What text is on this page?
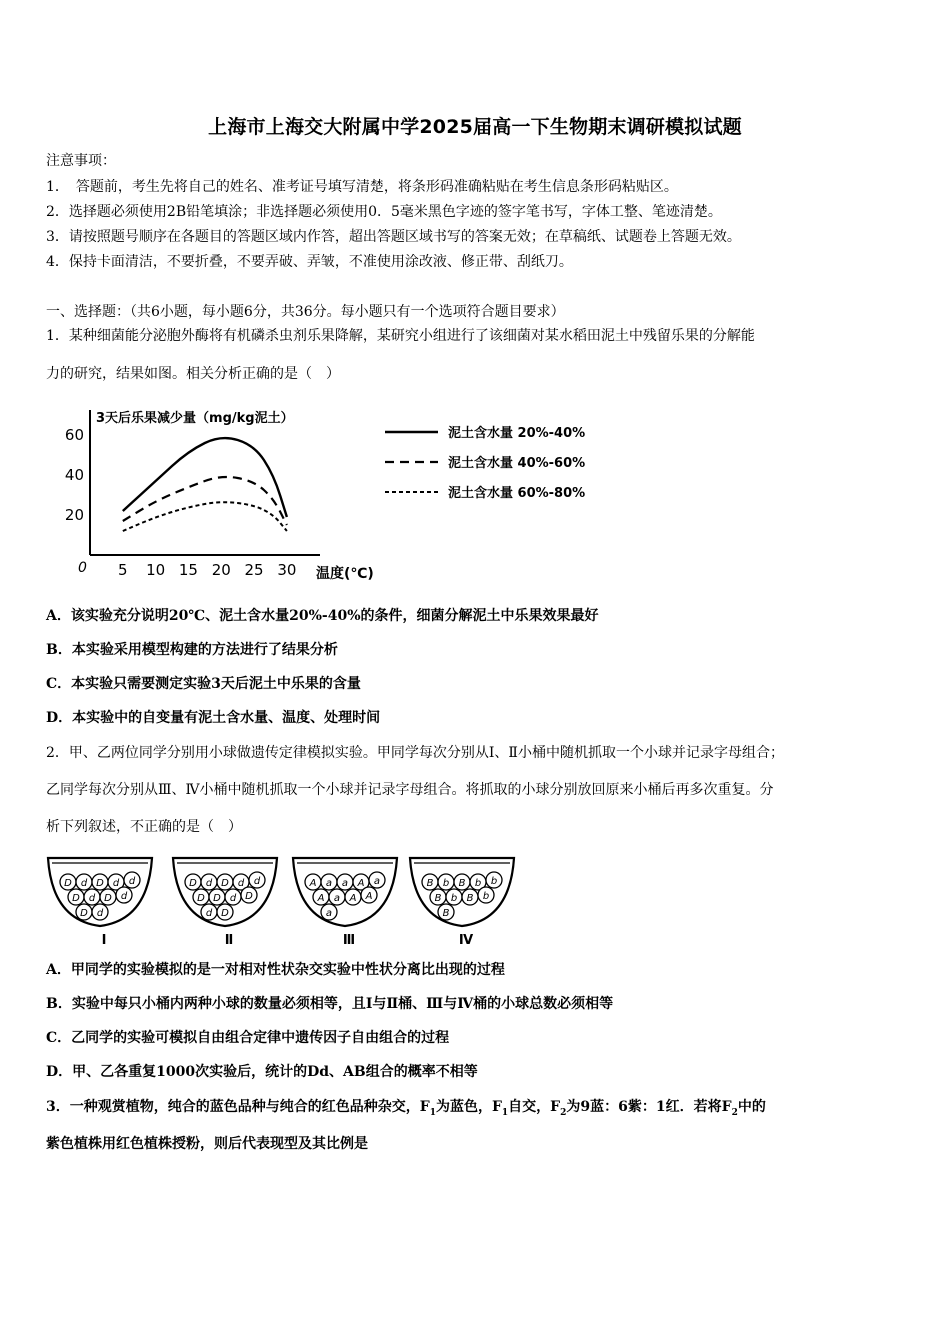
上海市上海交大附属中学2025届高一下生物期末调研模拟试题
注意事项：
1．　答题前，考生先将自己的姓名、准考证号填写清楚，将条形码准确粘贴在考生信息条形码粘贴区。
2．选择题必须使用2B铅笔填涂；非选择题必须使用0．5毫米黑色字迹的签字笔书写，字体工整、笔迹清楚。
3．请按照题号顺序在各题目的答题区域内作答，超出答题区域书写的答案无效；在草稿纸、试题卷上答题无效。
4．保持卡面清洁，不要折叠，不要弄破、弄皱，不准使用涂改液、修正带、刮纸刀。
一、选择题：（共6小题，每小题6分，共36分。每小题只有一个选项符合题目要求）
1．某种细菌能分泌胞外酶将有机磷杀虫剂乐果降解，某研究小组进行了该细菌对某水稻田泥土中残留乐果的分解能
力的研究，结果如图。相关分析正确的是（　）
5 10 15 20 25 30
20
40
60	泥土含水量 20%-40%
泥土含水量 40%-60%
泥土含水量 60%-80%
3天后乐果减少量（mg/kg泥土）
温度(℃)
0
A．该实验充分说明20℃、泥土含水量20%-40%的条件，细菌分解泥土中乐果效果最好
B．本实验采用模型构建的方法进行了结果分析
C．本实验只需要测定实验3天后泥土中乐果的含量
D．本实验中的自变量有泥土含水量、温度、处理时间
2．甲、乙两位同学分别用小球做遗传定律模拟实验。甲同学每次分别从Ⅰ、Ⅱ小桶中随机抓取一个小球并记录字母组合；
乙同学每次分别从Ⅲ、Ⅳ小桶中随机抓取一个小球并记录字母组合。将抓取的小球分别放回原来小桶后再多次重复。分
析下列叙述，不正确的是（　）
D d D d d
D d D d
D d
Ⅰ
D d D d d
D D d D
d D
Ⅱ
A a a A a
A a A A
a
Ⅲ
B b B b b
B b B b
B
Ⅳ
A．甲同学的实验模拟的是一对相对性状杂交实验中性状分离比出现的过程
B．实验中每只小桶内两种小球的数量必须相等，且Ⅰ与Ⅱ桶、Ⅲ与Ⅳ桶的小球总数必须相等
C．乙同学的实验可模拟自由组合定律中遗传因子自由组合的过程
D．甲、乙各重复1000次实验后，统计的Dd、AB组合的概率不相等
3．一种观赏植物，纯合的蓝色品种与纯合的红色品种杂交，$F_1$为蓝色，$F_1$自交，$F_2$为9蓝：6紫：1红．若将$F_2$中的
紫色植株用红色植株授粉，则后代表现型及其比例是
